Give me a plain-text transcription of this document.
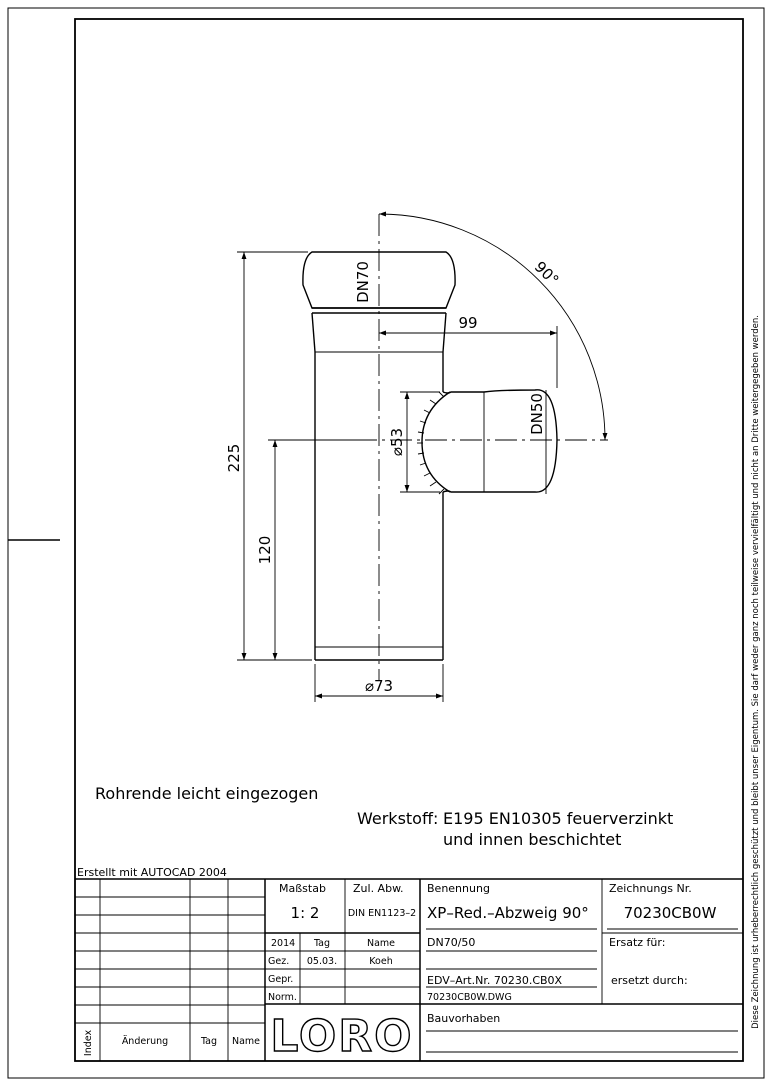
DN70
DN50
90°
99
⌀53
225
120
⌀73
Rohrende leicht eingezogen
Werkstoff: E195 EN10305 feuerverzinkt
und innen beschichtet
Erstellt mit AUTOCAD 2004
Index	Änderung	Tag Name
Maßstab
1: 2
Zul. Abw.
DIN EN1123–2
Benennung
XP–Red.–Abzweig 90°
Zeichnungs Nr.
70230CB0W
2014 Tag	Name
Gez. 05.03.	Koeh
Gepr.
Norm.
DN70/50	Ersatz für:
ersetzt durch:
EDV–Art.Nr. 70230.CB0X
70230CB0W.DWG
Bauvorhaben
LORO
Diese Zeichnung ist urheberrechtlich geschützt und bleibt unser Eigentum. Sie darf weder ganz noch teilweise vervielfältigt und nicht an Dritte weitergegeben werden.
